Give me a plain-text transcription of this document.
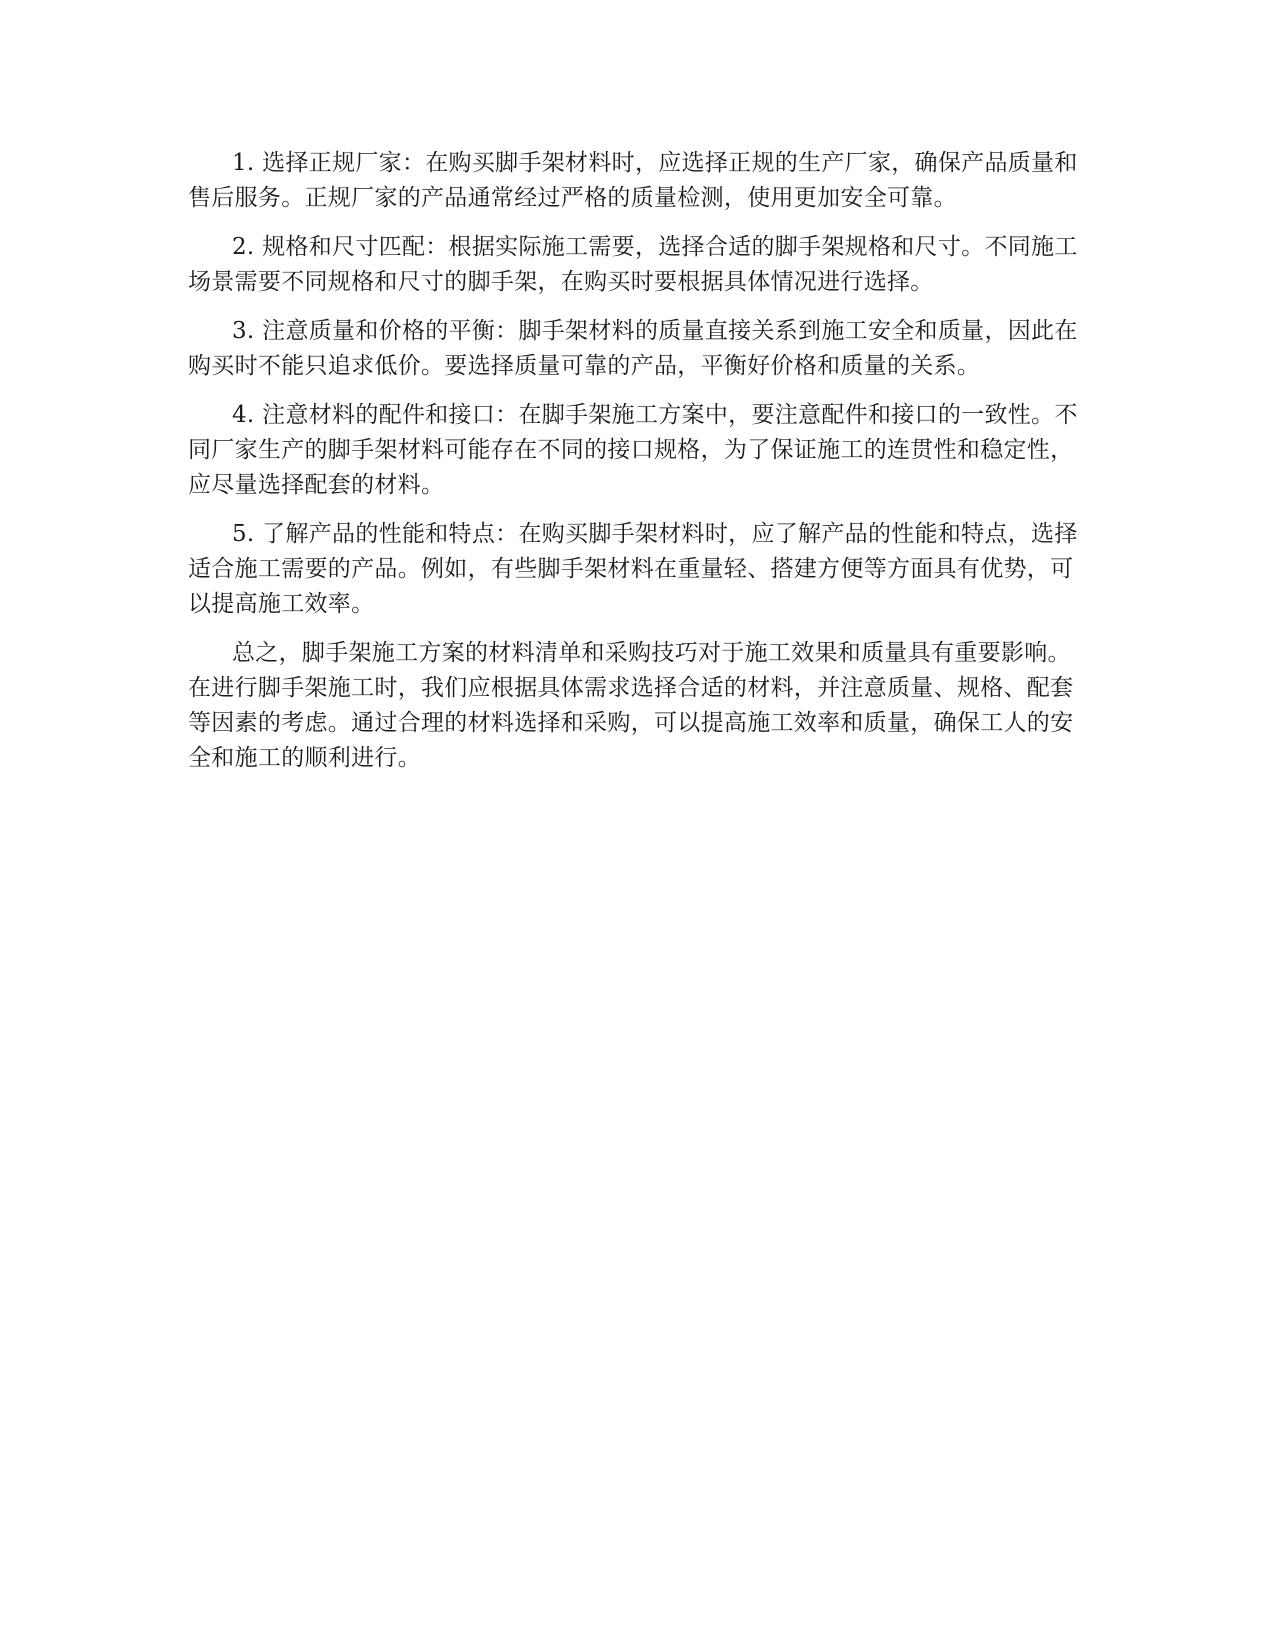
1. 选择正规厂家：在购买脚手架材料时，应选择正规的生产厂家，确保产品质量和售后服务。正规厂家的产品通常经过严格的质量检测，使用更加安全可靠。

2. 规格和尺寸匹配：根据实际施工需要，选择合适的脚手架规格和尺寸。不同施工场景需要不同规格和尺寸的脚手架，在购买时要根据具体情况进行选择。

3. 注意质量和价格的平衡：脚手架材料的质量直接关系到施工安全和质量，因此在购买时不能只追求低价。要选择质量可靠的产品，平衡好价格和质量的关系。

4. 注意材料的配件和接口：在脚手架施工方案中，要注意配件和接口的一致性。不同厂家生产的脚手架材料可能存在不同的接口规格，为了保证施工的连贯性和稳定性，应尽量选择配套的材料。

5. 了解产品的性能和特点：在购买脚手架材料时，应了解产品的性能和特点，选择适合施工需要的产品。例如，有些脚手架材料在重量轻、搭建方便等方面具有优势，可以提高施工效率。

总之，脚手架施工方案的材料清单和采购技巧对于施工效果和质量具有重要影响。在进行脚手架施工时，我们应根据具体需求选择合适的材料，并注意质量、规格、配套等因素的考虑。通过合理的材料选择和采购，可以提高施工效率和质量，确保工人的安全和施工的顺利进行。
